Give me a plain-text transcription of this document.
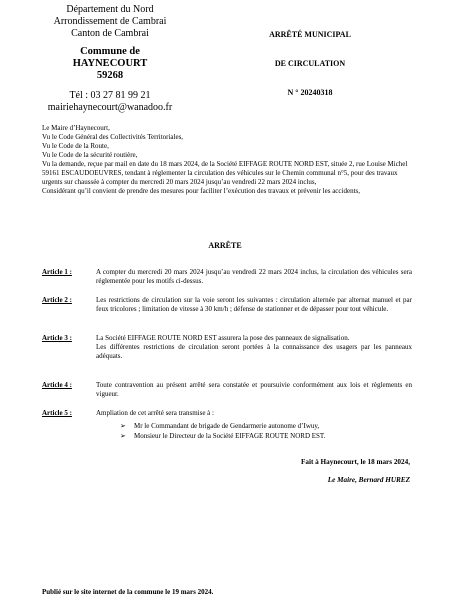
Département du Nord
Arrondissement de Cambrai
Canton de Cambrai
Commune de
HAYNECOURT
59268
Tél : 03 27 81 99 21
mairiehaynecourt@wanadoo.fr
ARRÊTÉ MUNICIPAL
DE CIRCULATION
N ° 20240318
Le Maire d’Haynecourt,
Vu le Code Général des Collectivités Territoriales,
Vu le Code de la Route,
Vu le Code de la sécurité routière,
Vu la demande, reçue par mail en date du 18 mars 2024, de la Société EIFFAGE ROUTE NORD EST, située 2, rue Louise Michel 59161 ESCAUDOEUVRES, tendant à réglementer la circulation des véhicules sur le Chemin communal n°5, pour des travaux urgents sur chaussée à compter du mercredi 20 mars 2024 jusqu’au vendredi 22 mars 2024 inclus,
Considérant qu’il convient de prendre des mesures pour faciliter l’exécution des travaux et prévenir les accidents,
ARRÊTE
Article 1 :	A compter du mercredi 20 mars 2024 jusqu’au vendredi 22 mars 2024 inclus, la circulation des véhicules sera réglementée pour les motifs ci-dessus.
Article 2 :	Les restrictions de circulation sur la voie seront les suivantes : circulation alternée par alternat manuel et par feux tricolores ; limitation de vitesse à 30 km/h ; défense de stationner et de dépasser pour tout véhicule.
Article 3 :	La Société EIFFAGE ROUTE NORD EST assurera la pose des panneaux de signalisation.
Les différentes restrictions de circulation seront portées à la connaissance des usagers par les panneaux adéquats.
Article 4 :	Toute contravention au présent arrêté sera constatée et poursuivie conformément aux lois et règlements en vigueur.
Article 5 :	Ampliation de cet arrêté sera transmise à :
➢	Mr le Commandant de brigade de Gendarmerie autonome d’Iwuy,
➢	Monsieur le Directeur de la Société EIFFAGE ROUTE NORD EST.
Fait à Haynecourt, le 18 mars 2024,
Le Maire, Bernard HUREZ
Publié sur le site internet de la commune le 19 mars 2024.
